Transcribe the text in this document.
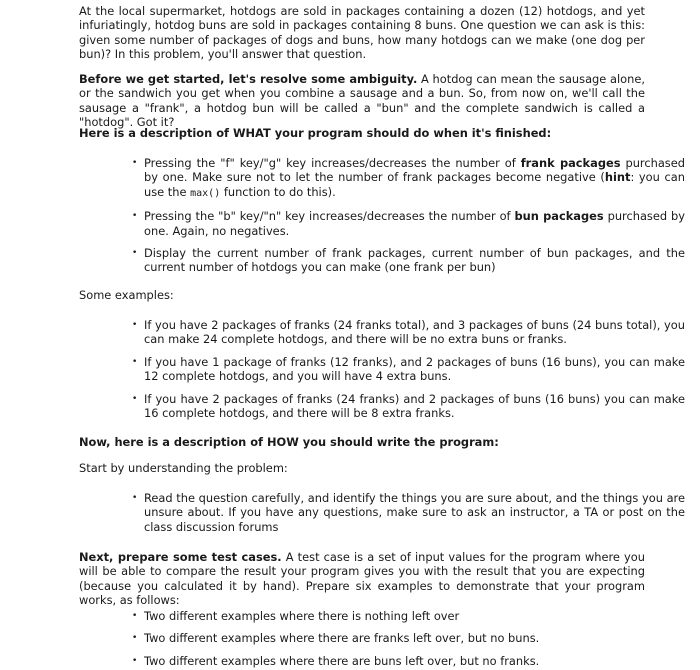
At the local supermarket, hotdogs are sold in packages containing a dozen (12) hotdogs, and yet infuriatingly, hotdog buns are sold in packages containing 8 buns. One question we can ask is this: given some number of packages of dogs and buns, how many hotdogs can we make (one dog per bun)? In this problem, you'll answer that question.

Before we get started, let's resolve some ambiguity. A hotdog can mean the sausage alone, or the sandwich you get when you combine a sausage and a bun. So, from now on, we'll call the sausage a "frank", a hotdog bun will be called a "bun" and the complete sandwich is called a "hotdog". Got it?

Here is a description of WHAT your program should do when it's finished:

• Pressing the "f" key/"g" key increases/decreases the number of frank packages purchased by one. Make sure not to let the number of frank packages become negative (hint: you can use the max() function to do this).
• Pressing the "b" key/"n" key increases/decreases the number of bun packages purchased by one. Again, no negatives.
• Display the current number of frank packages, current number of bun packages, and the current number of hotdogs you can make (one frank per bun)

Some examples:

• If you have 2 packages of franks (24 franks total), and 3 packages of buns (24 buns total), you can make 24 complete hotdogs, and there will be no extra buns or franks.
• If you have 1 package of franks (12 franks), and 2 packages of buns (16 buns), you can make 12 complete hotdogs, and you will have 4 extra buns.
• If you have 2 packages of franks (24 franks) and 2 packages of buns (16 buns) you can make 16 complete hotdogs, and there will be 8 extra franks.

Now, here is a description of HOW you should write the program:

Start by understanding the problem:

• Read the question carefully, and identify the things you are sure about, and the things you are unsure about. If you have any questions, make sure to ask an instructor, a TA or post on the class discussion forums

Next, prepare some test cases. A test case is a set of input values for the program where you will be able to compare the result your program gives you with the result that you are expecting (because you calculated it by hand). Prepare six examples to demonstrate that your program works, as follows:

• Two different examples where there is nothing left over
• Two different examples where there are franks left over, but no buns.
• Two different examples where there are buns left over, but no franks.
